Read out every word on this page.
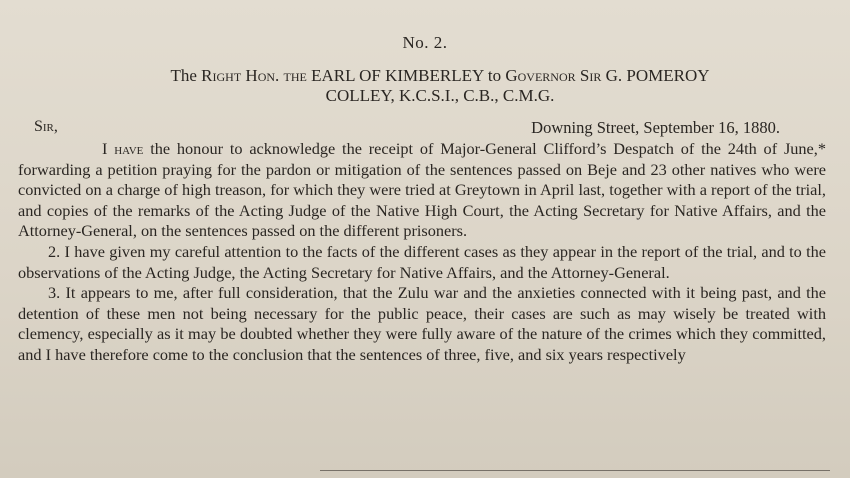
No. 2.
The Right Hon. the EARL OF KIMBERLEY to Governor Sir G. POMEROY
COLLEY, K.C.S.I., C.B., C.M.G.
Sir,	Downing Street, September 16, 1880.

I have the honour to acknowledge the receipt of Major-General Clifford’s Despatch of the 24th of June,* forwarding a petition praying for the pardon or mitigation of the sentences passed on Beje and 23 other natives who were convicted on a charge of high treason, for which they were tried at Greytown in April last, together with a report of the trial, and copies of the remarks of the Acting Judge of the Native High Court, the Acting Secretary for Native Affairs, and the Attorney-General, on the sentences passed on the different prisoners.

2. I have given my careful attention to the facts of the different cases as they appear in the report of the trial, and to the observations of the Acting Judge, the Acting Secretary for Native Affairs, and the Attorney-General.

3. It appears to me, after full consideration, that the Zulu war and the anxieties connected with it being past, and the detention of these men not being necessary for the public peace, their cases are such as may wisely be treated with clemency, especially as it may be doubted whether they were fully aware of the nature of the crimes which they committed, and I have therefore come to the conclusion that the sentences of three, five, and six years respectively
